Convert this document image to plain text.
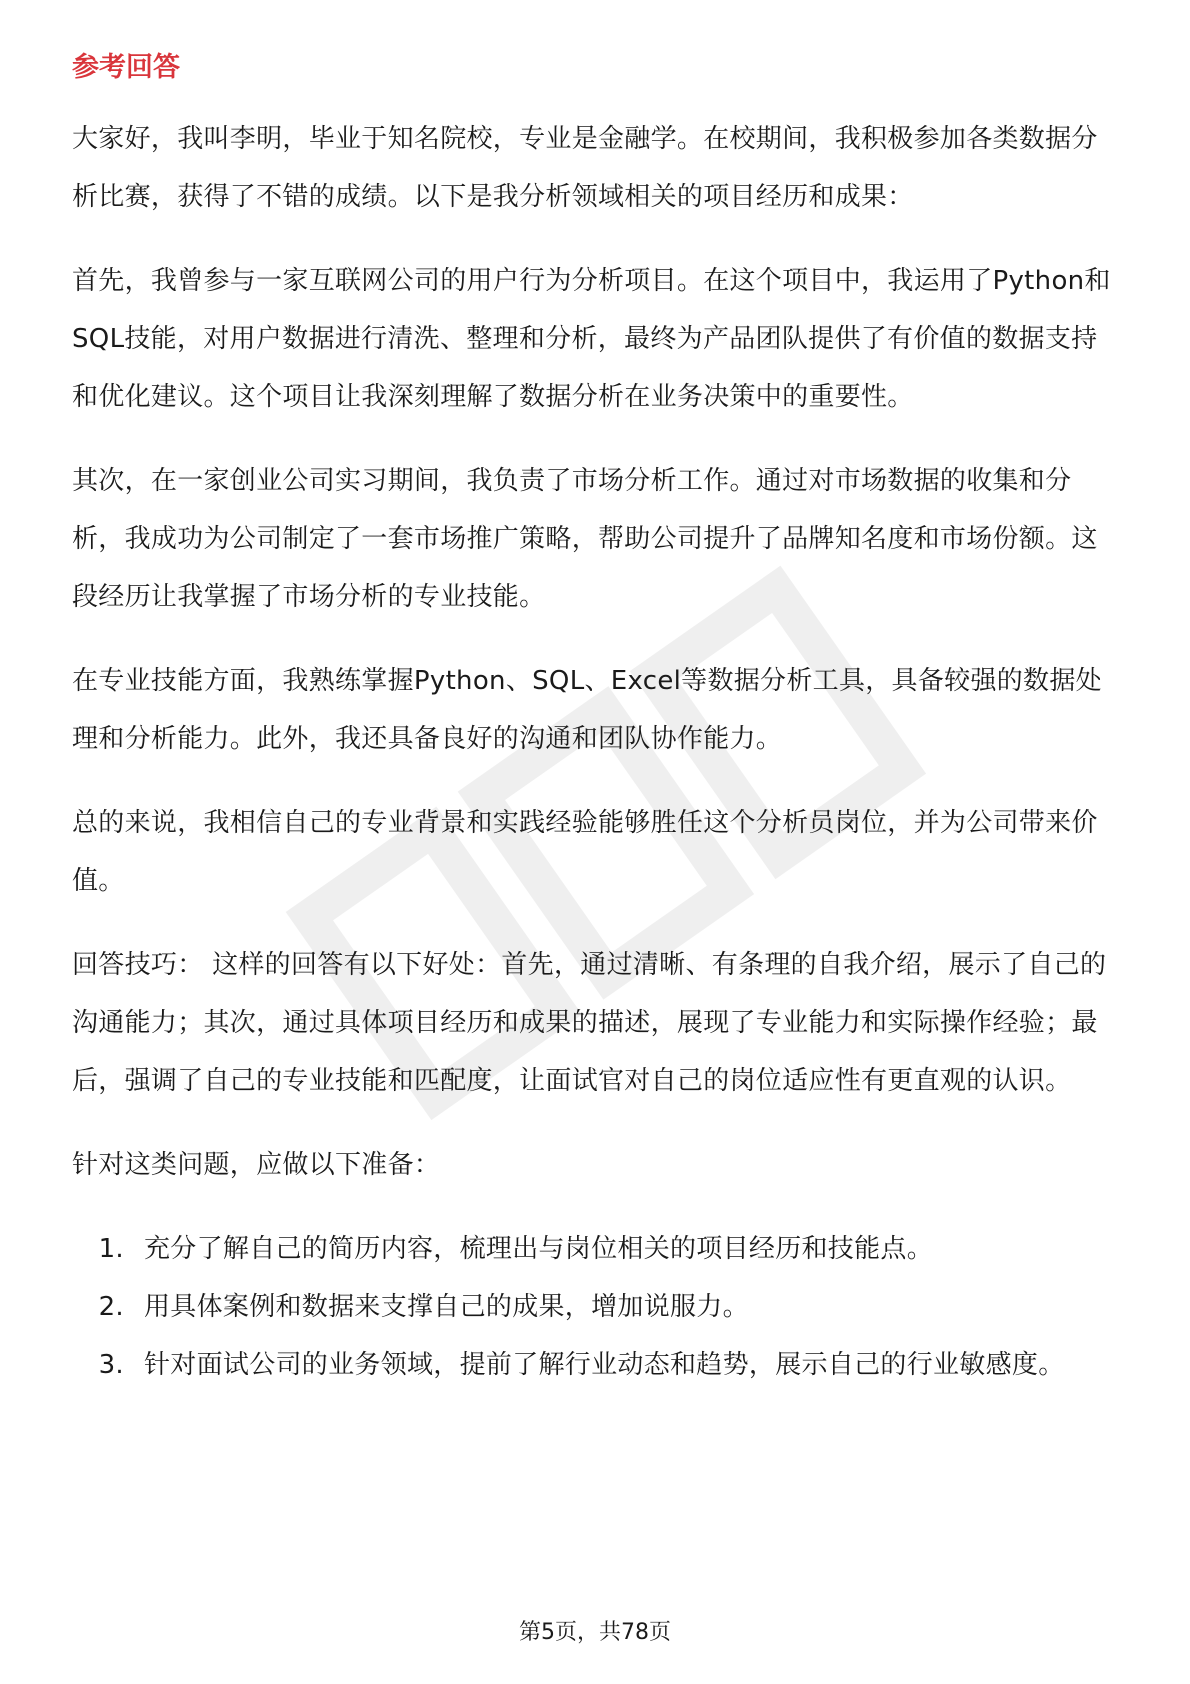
参考回答

大家好，我叫李明，毕业于知名院校，专业是金融学。在校期间，我积极参加各类数据分析比赛，获得了不错的成绩。以下是我分析领域相关的项目经历和成果：

首先，我曾参与一家互联网公司的用户行为分析项目。在这个项目中，我运用了Python和SQL技能，对用户数据进行清洗、整理和分析，最终为产品团队提供了有价值的数据支持和优化建议。这个项目让我深刻理解了数据分析在业务决策中的重要性。

其次，在一家创业公司实习期间，我负责了市场分析工作。通过对市场数据的收集和分析，我成功为公司制定了一套市场推广策略，帮助公司提升了品牌知名度和市场份额。这段经历让我掌握了市场分析的专业技能。

在专业技能方面，我熟练掌握Python、SQL、Excel等数据分析工具，具备较强的数据处理和分析能力。此外，我还具备良好的沟通和团队协作能力。

总的来说，我相信自己的专业背景和实践经验能够胜任这个分析员岗位，并为公司带来价值。

回答技巧： 这样的回答有以下好处：首先，通过清晰、有条理的自我介绍，展示了自己的沟通能力；其次，通过具体项目经历和成果的描述，展现了专业能力和实际操作经验；最后，强调了自己的专业技能和匹配度，让面试官对自己的岗位适应性有更直观的认识。

针对这类问题，应做以下准备：

1. 充分了解自己的简历内容，梳理出与岗位相关的项目经历和技能点。
2. 用具体案例和数据来支撑自己的成果，增加说服力。
3. 针对面试公司的业务领域，提前了解行业动态和趋势，展示自己的行业敏感度。
第5页，共78页
